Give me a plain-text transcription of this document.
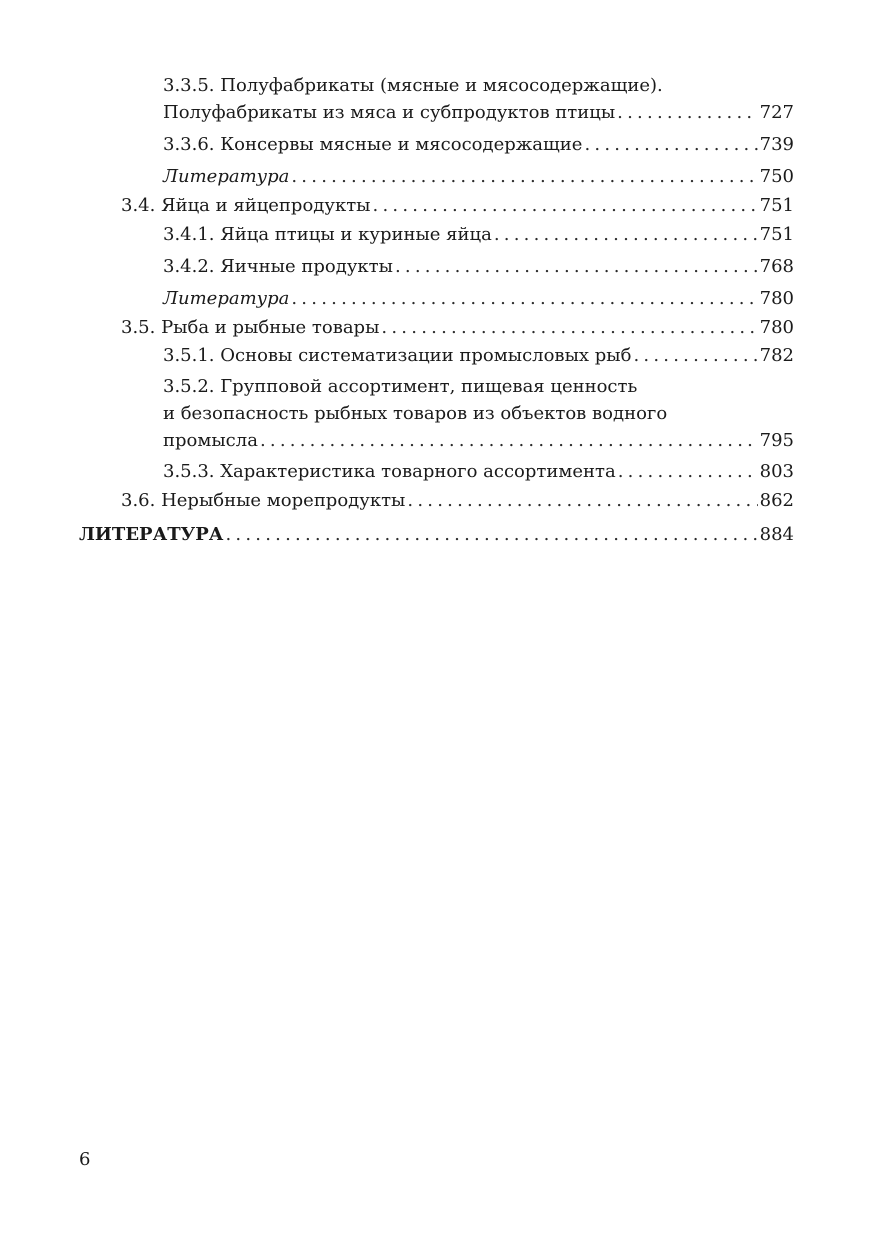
3.3.5. Полуфабрикаты (мясные и мясосодержащие).
Полуфабрикаты из мяса и субпродуктов птицы . . .	727
3.3.6. Консервы мясные и мясосодержащие . . .	739
Литература . . .	750
3.4. Яйца и яйцепродукты . . .	751
3.4.1. Яйца птицы и куриные яйца . . .	751
3.4.2. Яичные продукты . . .	768
Литература . . .	780
3.5. Рыба и рыбные товары . . .	780
3.5.1. Основы систематизации промысловых рыб . . .	782
3.5.2. Групповой ассортимент, пищевая ценность
и безопасность рыбных товаров из объектов водного
промысла . . .	795
3.5.3. Характеристика товарного ассортимента . . .	803
3.6. Нерыбные морепродукты . . .	862
ЛИТЕРАТУРА . . .	884
6
